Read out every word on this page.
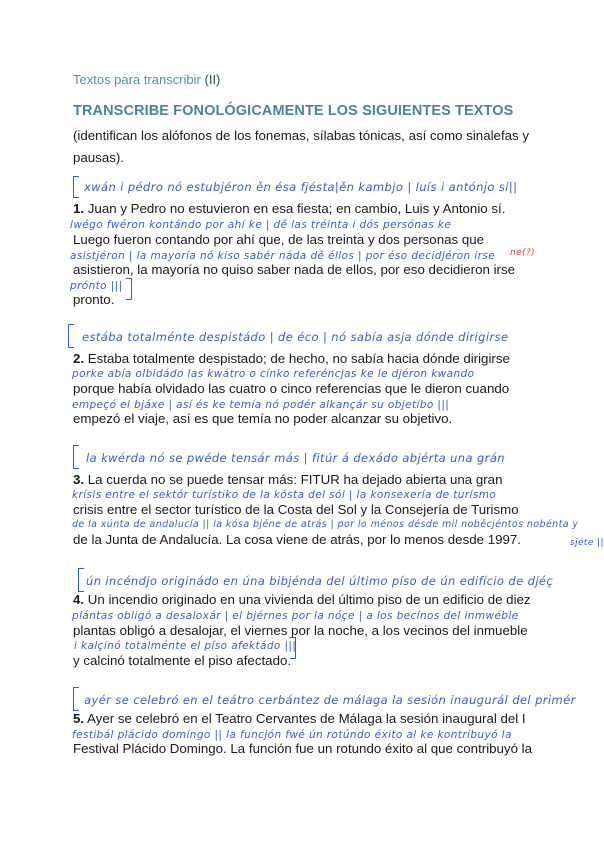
Textos para transcribir (II)
TRANSCRIBE FONOLÓGICAMENTE LOS SIGUIENTES TEXTOS
(identifican los alófonos de los fonemas, sílabas tónicas, así como sinalefas y pausas).
xwán i pédro nó estubjéron ěn ésa fjésta|ěn kambjo | luís i antónjo sí||
1. Juan y Pedro no estuvieron en esa fiesta; en cambio, Luis y Antonio sí.
lwégo fwéron kontándo por ahí ke | dě las tréinta i dós persónas ke
Luego fueron contando por ahí que, de las treinta y dos personas que
asistjéron | la mayoría nó kiso sabér náda dě éllos | por éso decidjéron irse ne(?)
asistieron, la mayoría no quiso saber nada de ellos, por eso decidieron irse
prónto |||
pronto.
estába totalménte despistádo | de éco | nó sabía asja dónde dirigirse
2. Estaba totalmente despistado; de hecho, no sabía hacia dónde dirigirse
porke abía olbidádo las kwátro o cínko referéncjas ke le djéron kwando
porque había olvidado las cuatro o cinco referencias que le dieron cuando
empeçó el bjáxe | así és ke temía nó podér alkançár su objetíbo |||
empezó el viaje, así es que temía no poder alcanzar su objetivo.
la kwérda nó se pwéde tensár más | fitúr á dexádo abjérta una grán
3. La cuerda no se puede tensar más: FITUR ha dejado abierta una gran
krísis entre el sektór turístiko de la kósta del sól | la konsexería de turísmo
crisis entre el sector turístico de la Costa del Sol y la Consejería de Turismo
de la xúnta de andalucía || la kósa bjéne de atrás | por lo ménos désde mil noběcjéntos nobénta y
sjéte ||
de la Junta de Andalucía. La cosa viene de atrás, por lo menos desde 1997.
ún incéndjo originádo en úna bibjénda del último píso de ún edifício de djéç
4. Un incendio originado en una vivienda del último piso de un edificio de diez
plántas obligó a desaloxár | el bjérnes por la nóçe | a los becínos del inmwéble
plantas obligó a desalojar, el viernes por la noche, a los vecinos del inmueble
i kalçinó totalménte el píso afektádo |||
y calcinó totalmente el piso afectado.
ayér se celebró en el teátro cerbántez de málaga la sesión inaugurál del primér
5. Ayer se celebró en el Teatro Cervantes de Málaga la sesión inaugural del I
festibál plácido domíngo || la funcjón fwé ún rotúndo éxito al ke kontribuyó la
Festival Plácido Domingo. La función fue un rotundo éxito al que contribuyó la
